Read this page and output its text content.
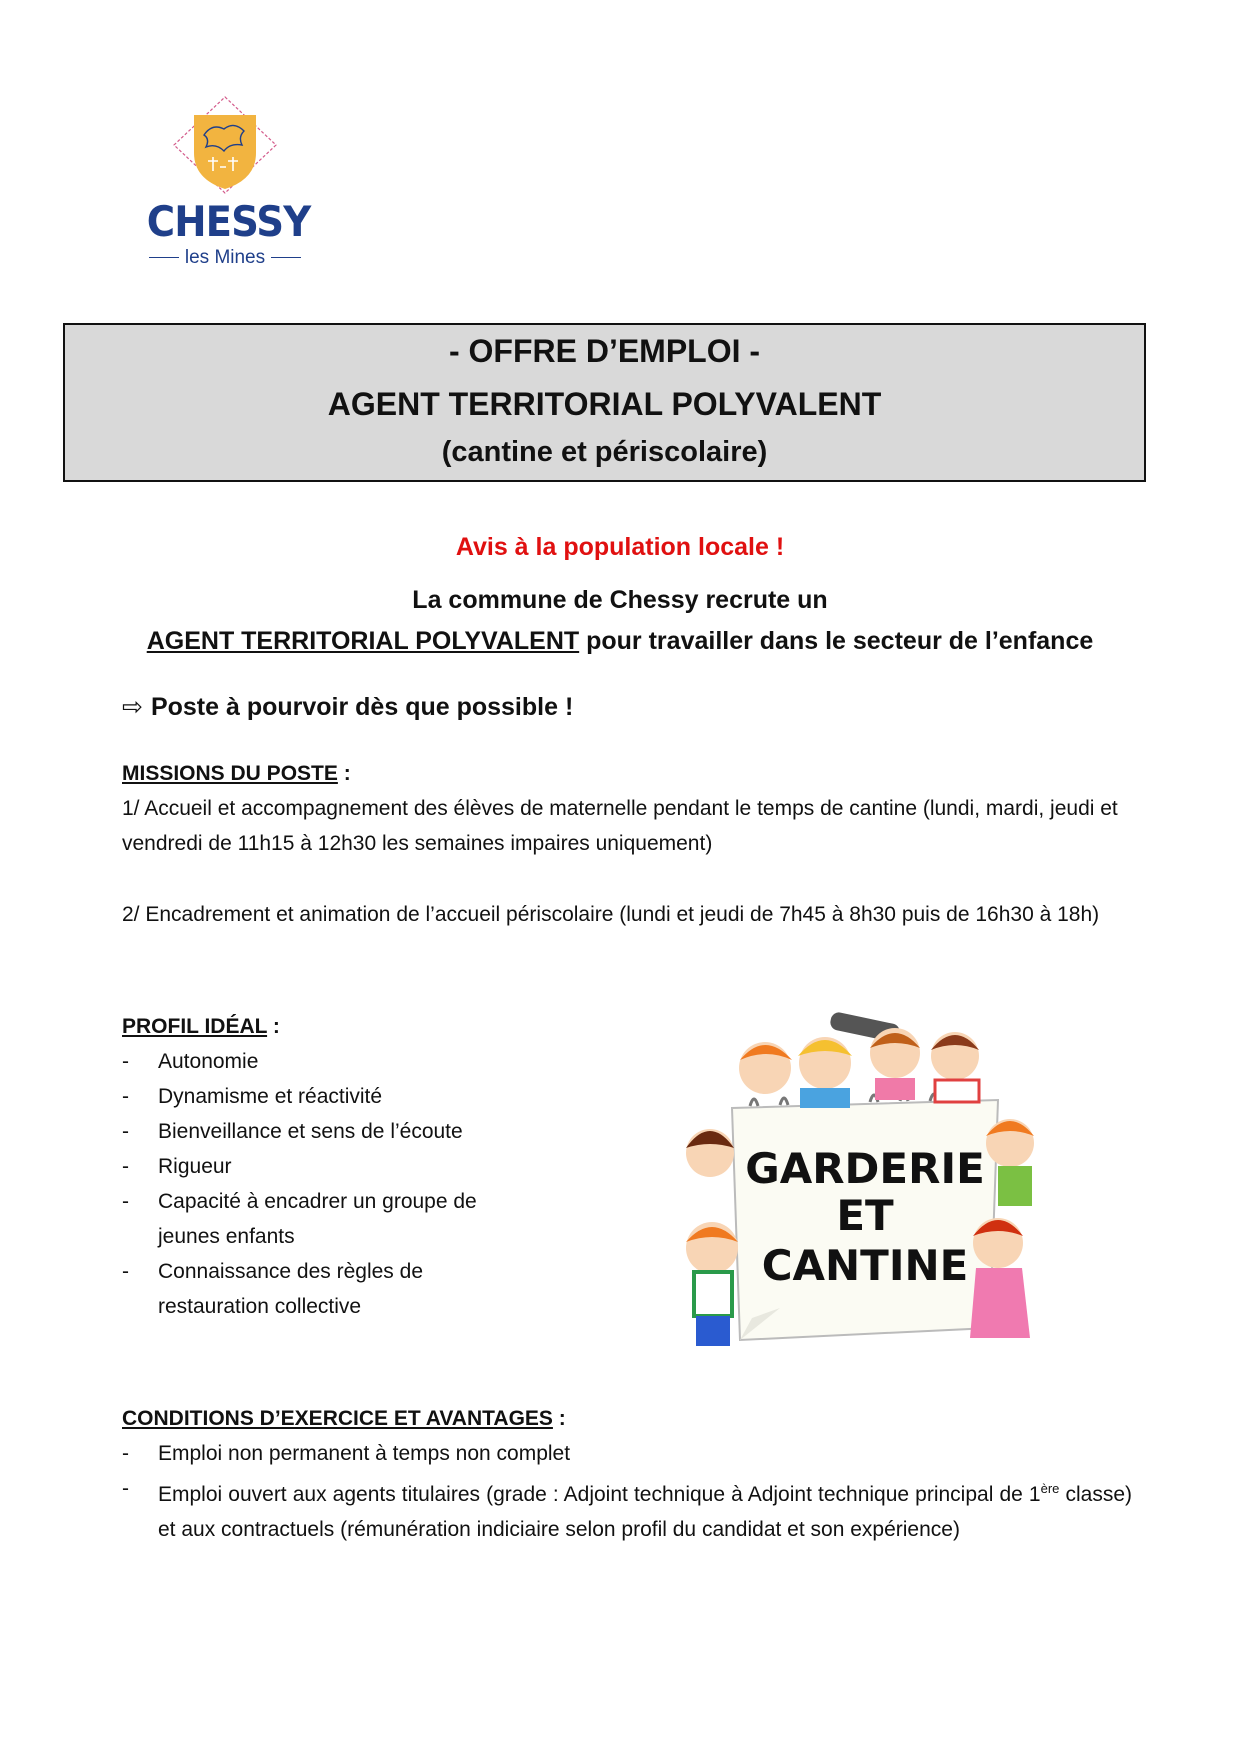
CHESSY
les Mines
- OFFRE D’EMPLOI -
AGENT TERRITORIAL POLYVALENT
(cantine et périscolaire)
Avis à la population locale !
La commune de Chessy recrute un
AGENT TERRITORIAL POLYVALENT pour travailler dans le secteur de l’enfance
⇨ Poste à pourvoir dès que possible !
MISSIONS DU POSTE :
1/ Accueil et accompagnement des élèves de maternelle pendant le temps de cantine (lundi, mardi, jeudi et vendredi de 11h15 à 12h30 les semaines impaires uniquement)
2/ Encadrement et animation de l’accueil périscolaire (lundi et jeudi de 7h45 à 8h30 puis de 16h30 à 18h)
PROFIL IDÉAL :
- Autonomie
- Dynamisme et réactivité
- Bienveillance et sens de l’écoute
- Rigueur
- Capacité à encadrer un groupe de jeunes enfants
- Connaissance des règles de restauration collective
GARDERIE
ET
CANTINE
CONDITIONS D’EXERCICE ET AVANTAGES :
- Emploi non permanent à temps non complet
- Emploi ouvert aux agents titulaires (grade : Adjoint technique à Adjoint technique principal de 1ère classe) et aux contractuels (rémunération indiciaire selon profil du candidat et son expérience)
